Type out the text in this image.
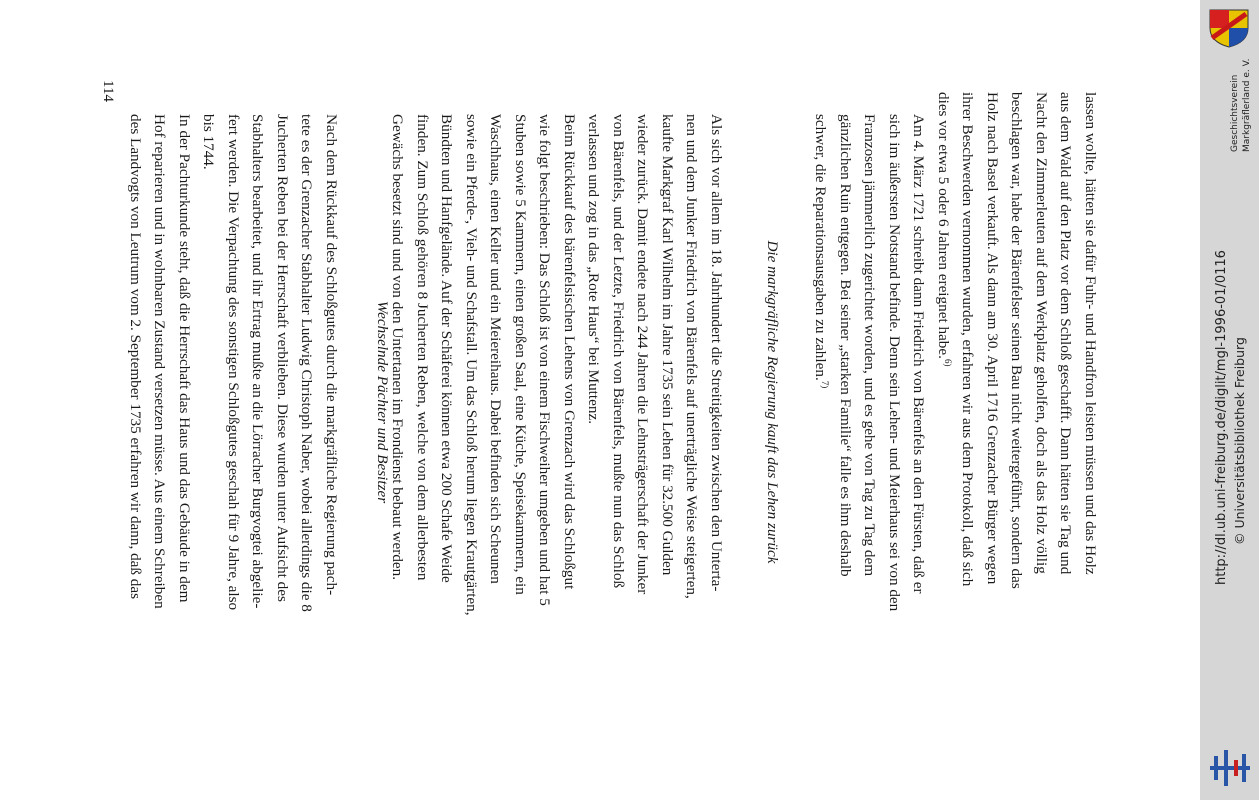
lassen wollte, hätten sie dafür Fuhr- und Handfron leisten müssen und das Holz
aus dem Wald auf den Platz vor dem Schloß geschafft. Dann hätten sie Tag und
Nacht den Zimmerleuten auf dem Werkplatz geholfen, doch als das Holz völlig
beschlagen war, habe der Bärenfelser seinen Bau nicht weitergeführt, sondern das
Holz nach Basel verkauft. Als dann am 30. April 1716 Grenzacher Bürger wegen
ihrer Beschwerden vernommen wurden, erfahren wir aus dem Protokoll, daß sich
dies vor etwa 5 oder 6 Jahren ereignet habe.$^{6)}$

Am 4. März 1721 schreibt dann Friedrich von Bärenfels an den Fürsten, daß er
sich im äußersten Notstand befinde. Denn sein Lehen- und Meierhaus sei von den
Franzosen jämmerlich zugerichtet worden, und es gehe von Tag zu Tag dem
gänzlichen Ruin entgegen. Bei seiner „starken Familie“ falle es ihm deshalb
schwer, die Reparationsausgaben zu zahlen.$^{7)}$

Die markgräfliche Regierung kauft das Lehen zurück

Als sich vor allem im 18. Jahrhundert die Streitigkeiten zwischen den Unterta-
nen und dem Junker Friedrich von Bärenfels auf unerträgliche Weise steigerten,
kaufte Markgraf Karl Wilhelm im Jahre 1735 sein Lehen für 32.500 Gulden
wieder zurück. Damit endete nach 244 Jahren die Lehnsträgerschaft der Junker
von Bärenfels, und der Letzte, Friedrich von Bärenfels, mußte nun das Schloß
verlassen und zog in das „Rote Haus“ bei Muttenz.

Beim Rückkauf des bärenfelsischen Lehens von Grenzach wird das Schloßgut
wie folgt beschrieben: Das Schloß ist von einem Fischweiher umgeben und hat 5
Stuben sowie 5 Kammern, einen großen Saal, eine Küche, Speisekammern, ein
Waschhaus, einen Keller und ein Meiereihaus. Dabei befinden sich Scheunen
sowie ein Pferde-, Vieh- und Schafstall. Um das Schloß herum liegen Krautgärten,
Bündten und Hanfgelände. Auf der Schäferei können etwa 200 Schafe Weide
finden. Zum Schloß gehören 8 Jucherten Reben, welche von dem allerbesten
Gewächs besetzt sind und von den Untertanen im Frondienst bebaut werden.

Wechselnde Pächter und Besitzer

Nach dem Rückkauf des Schloßgutes durch die markgräfliche Regierung pach-
tete es der Grenzacher Stabhalter Ludwig Christoph Naber, wobei allerdings die 8
Jucherten Reben bei der Herrschaft verblieben. Diese wurden unter Aufsicht des
Stabhalters bearbeitet, und ihr Ertrag mußte an die Lörracher Burgvogtei abgelie-
fert werden. Die Verpachtung des sonstigen Schloßgutes geschah für 9 Jahre, also
bis 1744.

In der Pachturkunde steht, daß die Herrschaft das Haus und das Gebäude in dem
Hof reparieren und in wohnbaren Zustand versetzen müsse. Aus einem Schreiben
des Landvogts von Leutrum vom 2. September 1735 erfahren wir dann, daß das

114
http://dl.ub.uni-freiburg.de/diglit/mgl-1996-01/0116 © Universitätsbibliothek Freiburg
Geschichtsverein Markgräflerland e. V.
